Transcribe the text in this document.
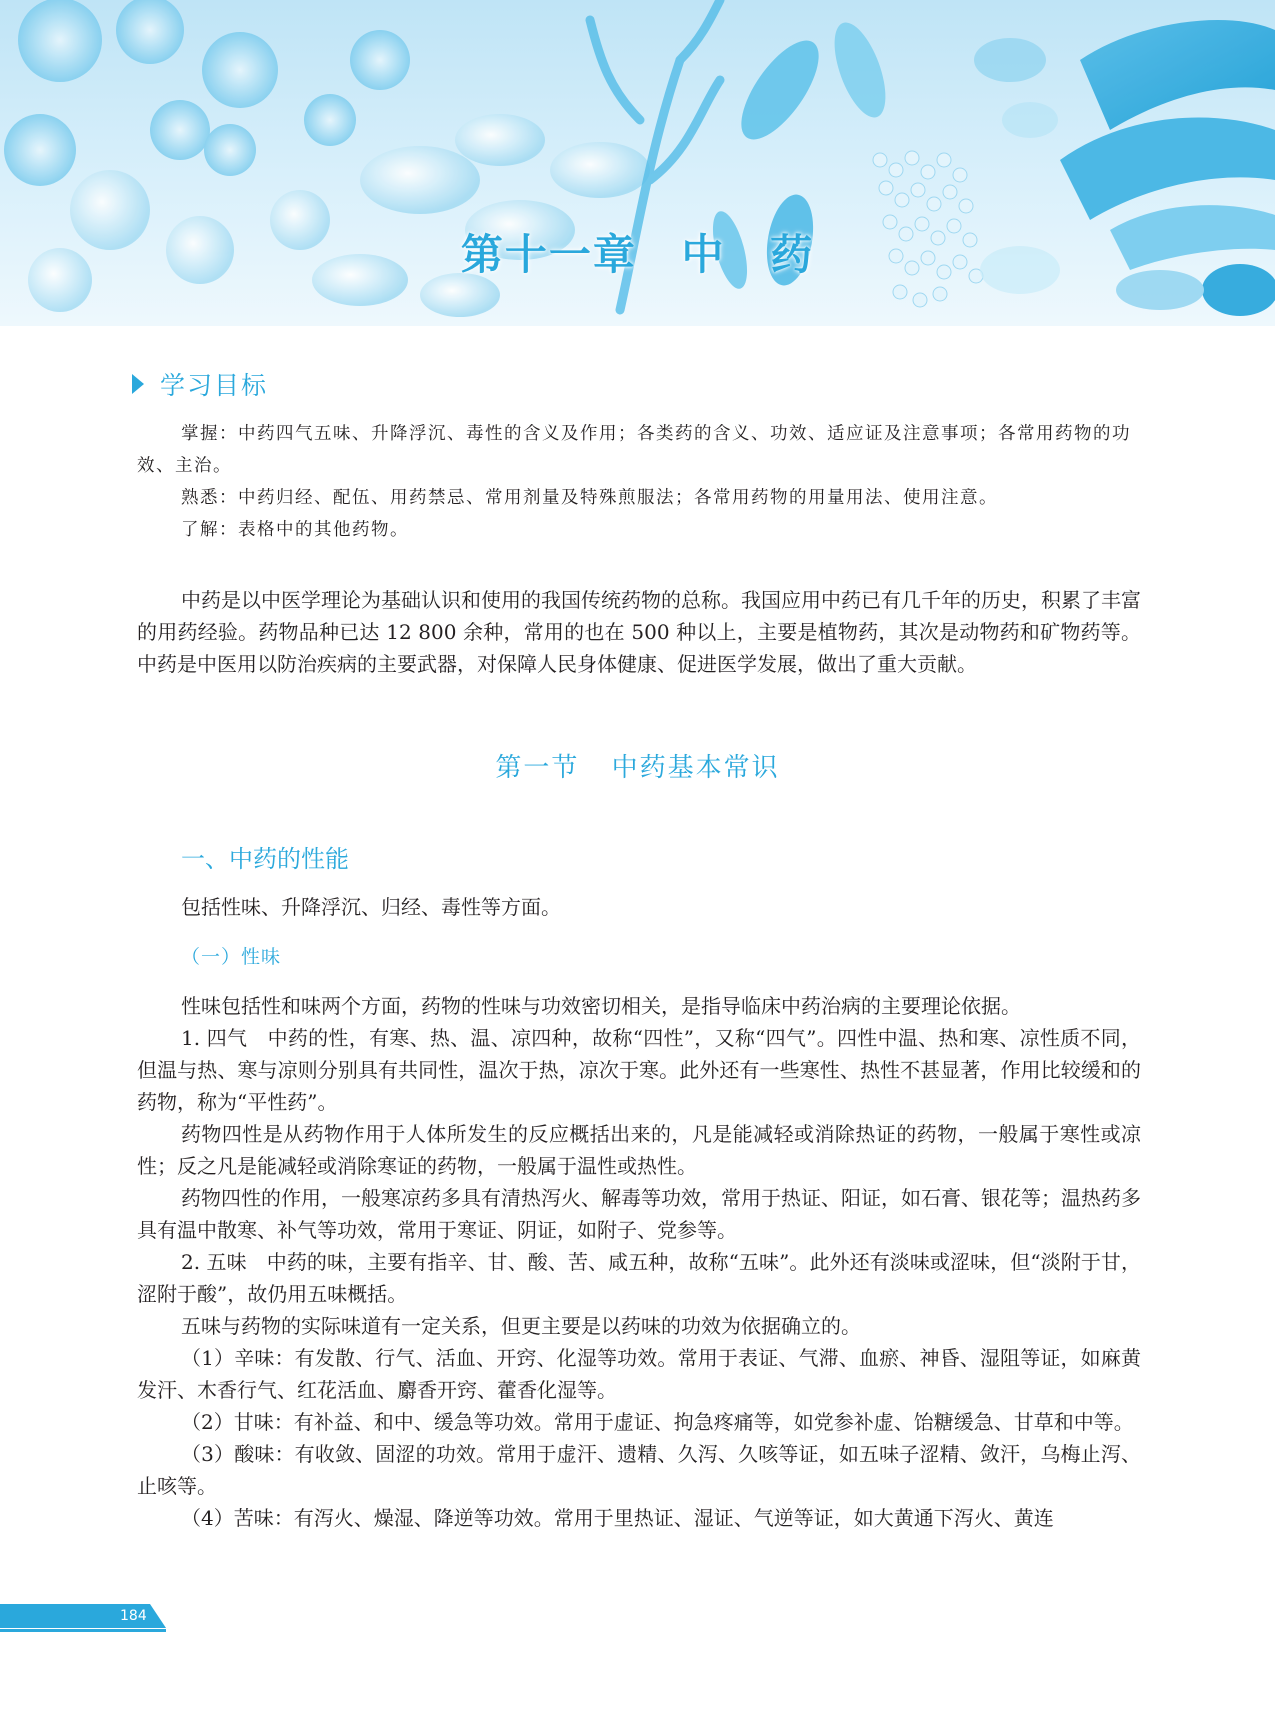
第十一章 中 药
学习目标

掌握：中药四气五味、升降浮沉、毒性的含义及作用；各类药的含义、功效、适应证及注意事项；各常用药物的功效、主治。

熟悉：中药归经、配伍、用药禁忌、常用剂量及特殊煎服法；各常用药物的用量用法、使用注意。

了解：表格中的其他药物。

中药是以中医学理论为基础认识和使用的我国传统药物的总称。我国应用中药已有几千年的历史，积累了丰富的用药经验。药物品种已达 12 800 余种，常用的也在 500 种以上，主要是植物药，其次是动物药和矿物药等。中药是中医用以防治疾病的主要武器，对保障人民身体健康、促进医学发展，做出了重大贡献。

第一节 中药基本常识
一、中药的性能
包括性味、升降浮沉、归经、毒性等方面。
（一）性味

性味包括性和味两个方面，药物的性味与功效密切相关，是指导临床中药治病的主要理论依据。

1. 四气　中药的性，有寒、热、温、凉四种，故称“四性”，又称“四气”。四性中温、热和寒、凉性质不同，但温与热、寒与凉则分别具有共同性，温次于热，凉次于寒。此外还有一些寒性、热性不甚显著，作用比较缓和的药物，称为“平性药”。

药物四性是从药物作用于人体所发生的反应概括出来的，凡是能减轻或消除热证的药物，一般属于寒性或凉性；反之凡是能减轻或消除寒证的药物，一般属于温性或热性。

药物四性的作用，一般寒凉药多具有清热泻火、解毒等功效，常用于热证、阳证，如石膏、银花等；温热药多具有温中散寒、补气等功效，常用于寒证、阴证，如附子、党参等。

2. 五味　中药的味，主要有指辛、甘、酸、苦、咸五种，故称“五味”。此外还有淡味或涩味，但“淡附于甘，涩附于酸”，故仍用五味概括。

五味与药物的实际味道有一定关系，但更主要是以药味的功效为依据确立的。

（1）辛味：有发散、行气、活血、开窍、化湿等功效。常用于表证、气滞、血瘀、神昏、湿阻等证，如麻黄发汗、木香行气、红花活血、麝香开窍、藿香化湿等。

（2）甘味：有补益、和中、缓急等功效。常用于虚证、拘急疼痛等，如党参补虚、饴糖缓急、甘草和中等。

（3）酸味：有收敛、固涩的功效。常用于虚汗、遗精、久泻、久咳等证，如五味子涩精、敛汗，乌梅止泻、止咳等。

（4）苦味：有泻火、燥湿、降逆等功效。常用于里热证、湿证、气逆等证，如大黄通下泻火、黄连

184
